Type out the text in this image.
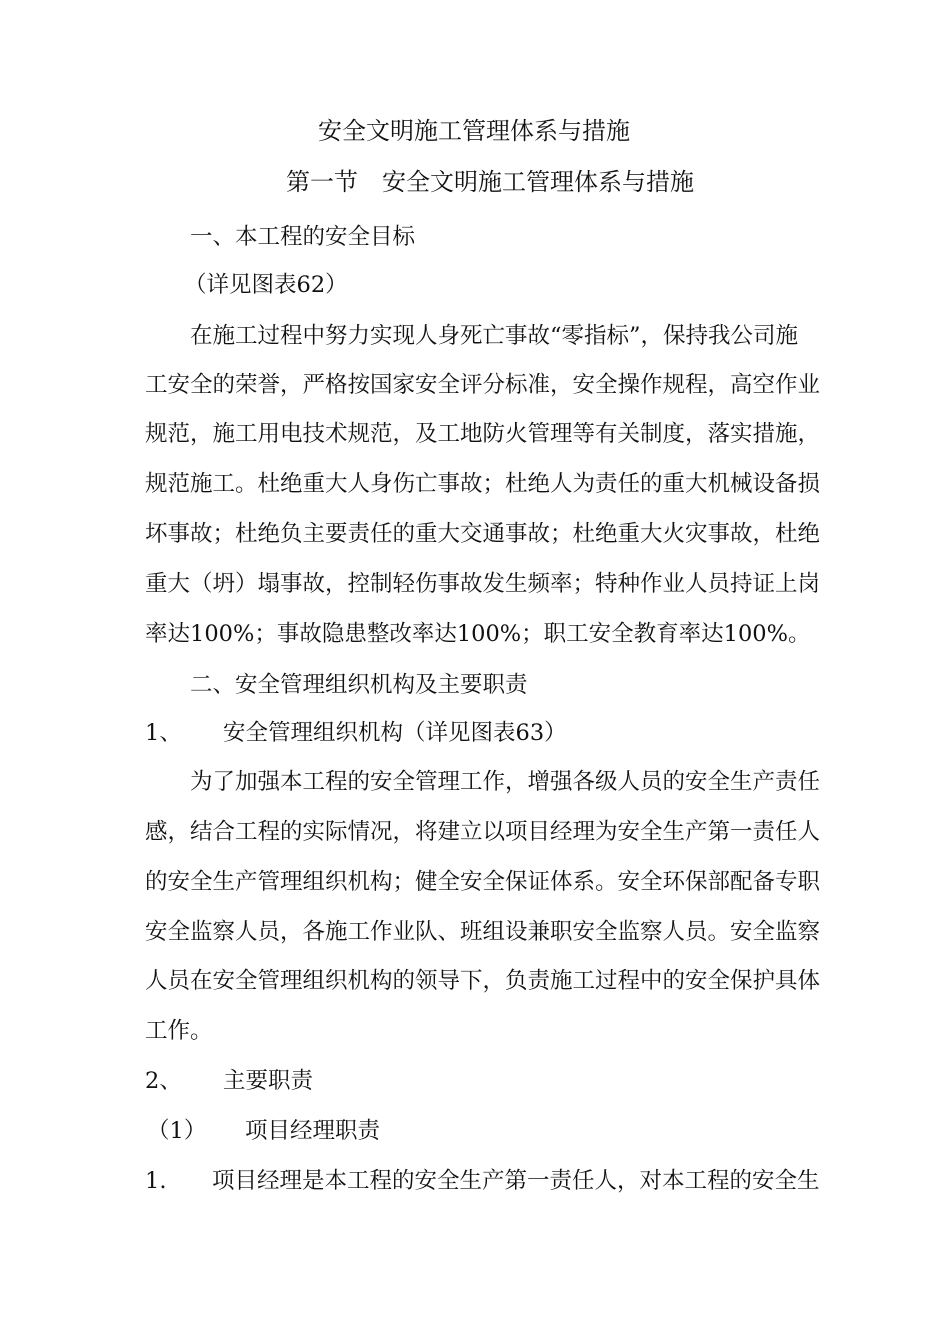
安全文明施工管理体系与措施
第一节　安全文明施工管理体系与措施
一、本工程的安全目标
（详见图表62）
在施工过程中努力实现人身死亡事故“零指标”，保持我公司施
工安全的荣誉，严格按国家安全评分标准，安全操作规程，高空作业
规范，施工用电技术规范，及工地防火管理等有关制度，落实措施，
规范施工。杜绝重大人身伤亡事故；杜绝人为责任的重大机械设备损
坏事故；杜绝负主要责任的重大交通事故；杜绝重大火灾事故，杜绝
重大（坍）塌事故，控制轻伤事故发生频率；特种作业人员持证上岗
率达100%；事故隐患整改率达100%；职工安全教育率达100%。
二、安全管理组织机构及主要职责
1、 安全管理组织机构（详见图表63）
为了加强本工程的安全管理工作，增强各级人员的安全生产责任
感，结合工程的实际情况，将建立以项目经理为安全生产第一责任人
的安全生产管理组织机构；健全安全保证体系。安全环保部配备专职
安全监察人员，各施工作业队、班组设兼职安全监察人员。安全监察
人员在安全管理组织机构的领导下，负责施工过程中的安全保护具体
工作。
2、 主要职责
（1） 项目经理职责
1. 项目经理是本工程的安全生产第一责任人，对本工程的安全生
